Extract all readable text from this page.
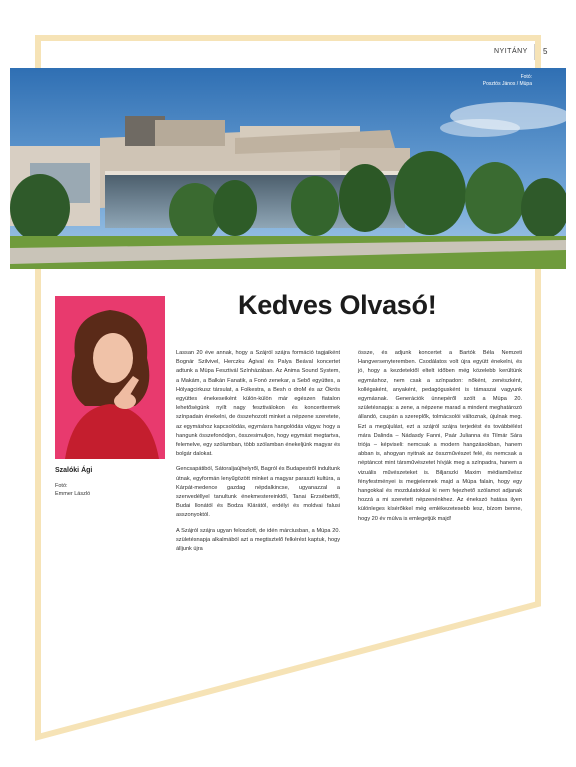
NYITÁNY 5
Fotó:
Posztós János / Müpa
Szalóki Ági
Fotó:
Emmer László
Kedves Olvasó!

Lassan 20 éve annak, hogy a Szájról szájra formáció tagjaiként Bognár Szilvivel, Herczku Ágival és Palya Beával koncertet adtunk a Müpa Fesztivál Színházában. Az Anima Sound System, a Makám, a Balkán Fanatik, a Fonó zenekar, a Sebő együttes, a Hólyagcirkusz társulat, a Folkestra, a Besh o droM és az Ökrös együttes énekeseiként külön-külön már egészen fiatalon lehetőségünk nyílt nagy fesztiválokon és koncerttermek színpadain énekelni, de összehozott minket a népzene szeretete, az egymáshoz kapcsolódás, egymásra hangolódás vágya: hogy a hangunk összefonódjon, összesimuljon, hogy egymást megtartva, felemelve, egy szólamban, több szólamban énekeljünk magyar és bolgár dalokat.

Gencsapátiból, Sátoraljaújhelyről, Bagról és Budapestről indultunk útnak, egyformán lenyűgözött minket a magyar paraszti kultúra, a Kárpát-medence gazdag népdalkincse, ugyanazzal a szenvedéllyel tanultunk énekmestereinktől, Tanai Erzsébettől, Budai Ilonától és Bodza Klárától, erdélyi és moldvai falusi asszonyoktól.

A Szájról szájra ugyan feloszlott, de idén márciusban, a Müpa 20. születésnapja alkalmából azt a megtisztelő felkérést kaptuk, hogy álljunk újra

össze, és adjunk koncertet a Bartók Béla Nemzeti Hangversenyteremben. Csodálatos volt újra együtt énekelni, és jó, hogy a kezdetektől eltelt időben még közelebb kerültünk egymáshoz, nem csak a színpadon: nőként, zenészként, kollégaként, anyaként, pedagógusként is támaszai vagyunk egymásnak. Generációk ünnepéről szólt a Müpa 20. születésnapja: a zene, a népzene marad a mindent meghatározó állandó, csupán a szereplők, tolmácsolói változnak, újulnak meg. Ezt a megújulást, ezt a szájról szájra terjedést és továbbélést mára Dalinda – Nádasdy Fanni, Paár Julianna és Tilmár Sára triója – képviseli: nemcsak a modern hangzásokban, hanem abban is, ahogyan nyitnak az összművészet felé, és nemcsak a néptáncot mint társművészetet hívják meg a színpadra, hanem a vizuális művészeteket is. Biljarszki Maxim médiaművész fényfestményei is megjelennek majd a Müpa falain, hogy egy hangokkal és mozdulatokkal ki nem fejezhető szólamot adjanak hozzá a mi szeretett népzenénkhez. Az énekszó hatása ilyen különleges kísérőkkel még emlékezetesebb lesz, bízom benne, hogy 20 év múlva is emlegetjük majd!
